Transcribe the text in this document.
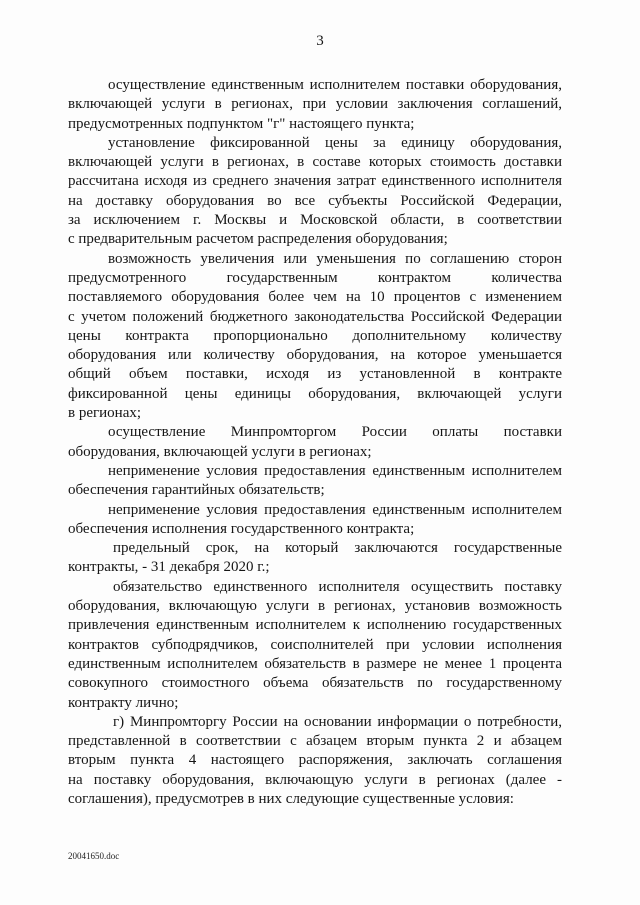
3
осуществление единственным исполнителем поставки оборудования,
включающей услуги в регионах, при условии заключения соглашений,
предусмотренных подпунктом "г" настоящего пункта;
установление фиксированной цены за единицу оборудования,
включающей услуги в регионах, в составе которых стоимость доставки
рассчитана исходя из среднего значения затрат единственного исполнителя
на доставку оборудования во все субъекты Российской Федерации,
за исключением г. Москвы и Московской области, в соответствии
с предварительным расчетом распределения оборудования;
возможность увеличения или уменьшения по соглашению сторон
предусмотренного государственным контрактом количества
поставляемого оборудования более чем на 10 процентов с изменением
с учетом положений бюджетного законодательства Российской Федерации
цены контракта пропорционально дополнительному количеству
оборудования или количеству оборудования, на которое уменьшается
общий объем поставки, исходя из установленной в контракте
фиксированной цены единицы оборудования, включающей услуги
в регионах;
осуществление Минпромторгом России оплаты поставки
оборудования, включающей услуги в регионах;
неприменение условия предоставления единственным исполнителем
обеспечения гарантийных обязательств;
неприменение условия предоставления единственным исполнителем
обеспечения исполнения государственного контракта;
предельный срок, на который заключаются государственные
контракты, - 31 декабря 2020 г.;
обязательство единственного исполнителя осуществить поставку
оборудования, включающую услуги в регионах, установив возможность
привлечения единственным исполнителем к исполнению государственных
контрактов субподрядчиков, соисполнителей при условии исполнения
единственным исполнителем обязательств в размере не менее 1 процента
совокупного стоимостного объема обязательств по государственному
контракту лично;
г) Минпромторгу России на основании информации о потребности,
представленной в соответствии с абзацем вторым пункта 2 и абзацем
вторым пункта 4 настоящего распоряжения, заключать соглашения
на поставку оборудования, включающую услуги в регионах (далее -
соглашения), предусмотрев в них следующие существенные условия:
20041650.doc
